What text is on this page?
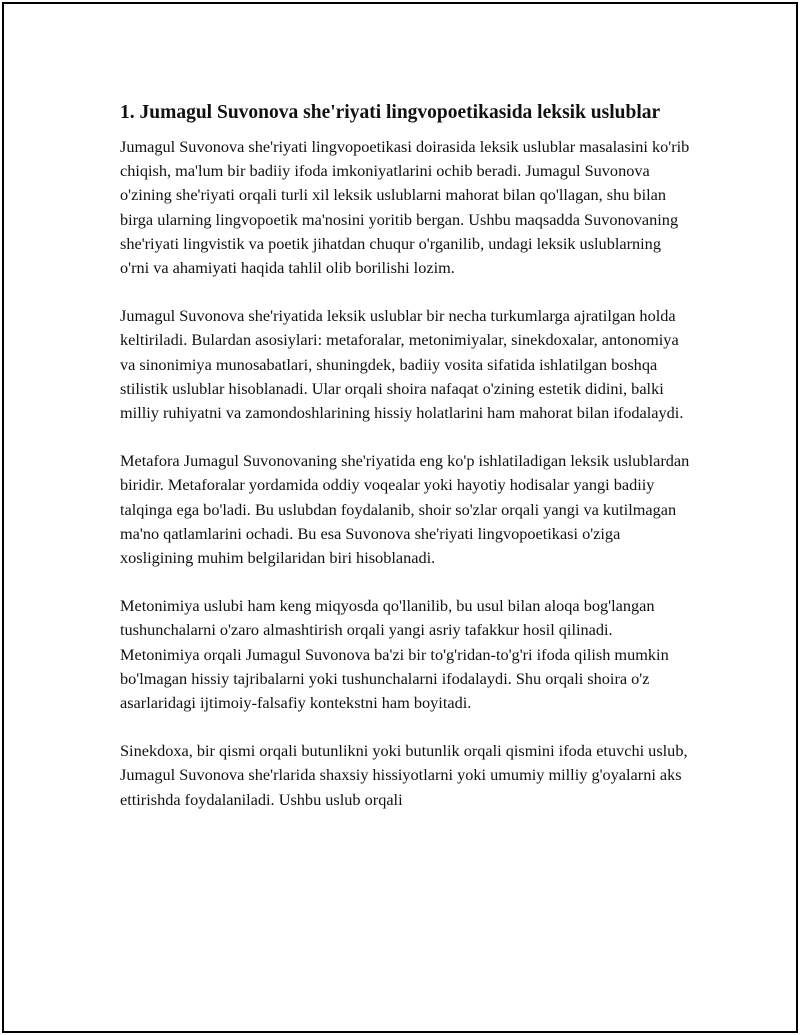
1. Jumagul Suvonova she'riyati lingvopoetikasida leksik uslublar

Jumagul Suvonova she'riyati lingvopoetikasi doirasida leksik uslublar masalasini ko'rib chiqish, ma'lum bir badiiy ifoda imkoniyatlarini ochib beradi. Jumagul Suvonova o'zining she'riyati orqali turli xil leksik uslublarni mahorat bilan qo'llagan, shu bilan birga ularning lingvopoetik ma'nosini yoritib bergan. Ushbu maqsadda Suvonovaning she'riyati lingvistik va poetik jihatdan chuqur o'rganilib, undagi leksik uslublarning o'rni va ahamiyati haqida tahlil olib borilishi lozim.

Jumagul Suvonova she'riyatida leksik uslublar bir necha turkumlarga ajratilgan holda keltiriladi. Bulardan asosiylari: metaforalar, metonimiyalar, sinekdoxalar, antonomiya va sinonimiya munosabatlari, shuningdek, badiiy vosita sifatida ishlatilgan boshqa stilistik uslublar hisoblanadi. Ular orqali shoira nafaqat o'zining estetik didini, balki milliy ruhiyatni va zamondoshlarining hissiy holatlarini ham mahorat bilan ifodalaydi.

Metafora Jumagul Suvonovaning she'riyatida eng ko'p ishlatiladigan leksik uslublardan biridir. Metaforalar yordamida oddiy voqealar yoki hayotiy hodisalar yangi badiiy talqinga ega bo'ladi. Bu uslubdan foydalanib, shoir so'zlar orqali yangi va kutilmagan ma'no qatlamlarini ochadi. Bu esa Suvonova she'riyati lingvopoetikasi o'ziga xosligining muhim belgilaridan biri hisoblanadi.

Metonimiya uslubi ham keng miqyosda qo'llanilib, bu usul bilan aloqa bog'langan tushunchalarni o'zaro almashtirish orqali yangi asriy tafakkur hosil qilinadi. Metonimiya orqali Jumagul Suvonova ba'zi bir to'g'ridan-to'g'ri ifoda qilish mumkin bo'lmagan hissiy tajribalarni yoki tushunchalarni ifodalaydi. Shu orqali shoira o'z asarlaridagi ijtimoiy-falsafiy kontekstni ham boyitadi.

Sinekdoxa, bir qismi orqali butunlikni yoki butunlik orqali qismini ifoda etuvchi uslub, Jumagul Suvonova she'rlarida shaxsiy hissiyotlarni yoki umumiy milliy g'oyalarni aks ettirishda foydalaniladi. Ushbu uslub orqali
